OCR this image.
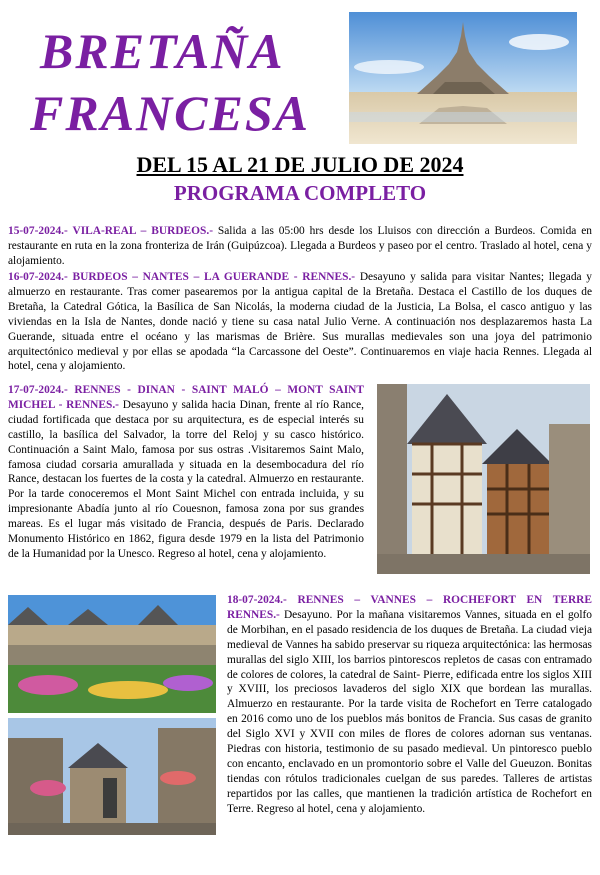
BRETAÑA
FRANCESA
DEL 15 AL 21 DE JULIO DE 2024
PROGRAMA COMPLETO

15-07-2024.- VILA-REAL – BURDEOS.- Salida a las 05:00 hrs desde los Lluisos con dirección a Burdeos. Comida en restaurante en ruta en la zona fronteriza de Irán (Guipúzcoa). Llegada a Burdeos y paseo por el centro. Traslado al hotel, cena y alojamiento.

16-07-2024.- BURDEOS – NANTES – LA GUERANDE - RENNES.- Desayuno y salida para visitar Nantes; llegada y almuerzo en restaurante. Tras comer pasearemos por la antigua capital de la Bretaña. Destaca el Castillo de los duques de Bretaña, la Catedral Gótica, la Basílica de San Nicolás, la moderna ciudad de la Justicia, La Bolsa, el casco antiguo y las viviendas en la Isla de Nantes, donde nació y tiene su casa natal Julio Verne. A continuación nos desplazaremos hasta La Guerande, situada entre el océano y las marismas de Brière. Sus murallas medievales son una joya del patrimonio arquitectónico medieval y por ellas se apodada “la Carcassone del Oeste”. Continuaremos en viaje hacia Rennes. Llegada al hotel, cena y alojamiento.

17-07-2024.- RENNES - DINAN - SAINT MALÓ – MONT SAINT MICHEL - RENNES.- Desayuno y salida hacia Dinan, frente al río Rance, ciudad fortificada que destaca por su arquitectura, es de especial interés su castillo, la basílica del Salvador, la torre del Reloj y su casco histórico. Continuación a Saint Malo, famosa por sus ostras .Visitaremos Saint Malo, famosa ciudad corsaria amurallada y situada en la desembocadura del río Rance, destacan los fuertes de la costa y la catedral. Almuerzo en restaurante. Por la tarde conoceremos el Mont Saint Michel con entrada incluida, y su impresionante Abadía junto al río Couesnon, famosa zona por sus grandes mareas. Es el lugar más visitado de Francia, después de Paris. Declarado Monumento Histórico en 1862, figura desde 1979 en la lista del Patrimonio de la Humanidad por la Unesco. Regreso al hotel, cena y alojamiento.

18-07-2024.- RENNES – VANNES – ROCHEFORT EN TERRE RENNES.- Desayuno. Por la mañana visitaremos Vannes, situada en el golfo de Morbihan, en el pasado residencia de los duques de Bretaña. La ciudad vieja medieval de Vannes ha sabido preservar su riqueza arquitectónica: las hermosas murallas del siglo XIII, los barrios pintorescos repletos de casas con entramado de colores de colores, la catedral de Saint- Pierre, edificada entre los siglos XIII y XVIII, los preciosos lavaderos del siglo XIX que bordean las murallas. Almuerzo en restaurante. Por la tarde visita de Rochefort en Terre catalogado en 2016 como uno de los pueblos más bonitos de Francia. Sus casas de granito del Siglo XVI y XVII con miles de flores de colores adornan sus ventanas. Piedras con historia, testimonio de su pasado medieval. Un pintoresco pueblo con encanto, enclavado en un promontorio sobre el Valle del Gueuzon. Bonitas tiendas con rótulos tradicionales cuelgan de sus paredes. Talleres de artistas repartidos por las calles, que mantienen la tradición artística de Rochefort en Terre. Regreso al hotel, cena y alojamiento.
